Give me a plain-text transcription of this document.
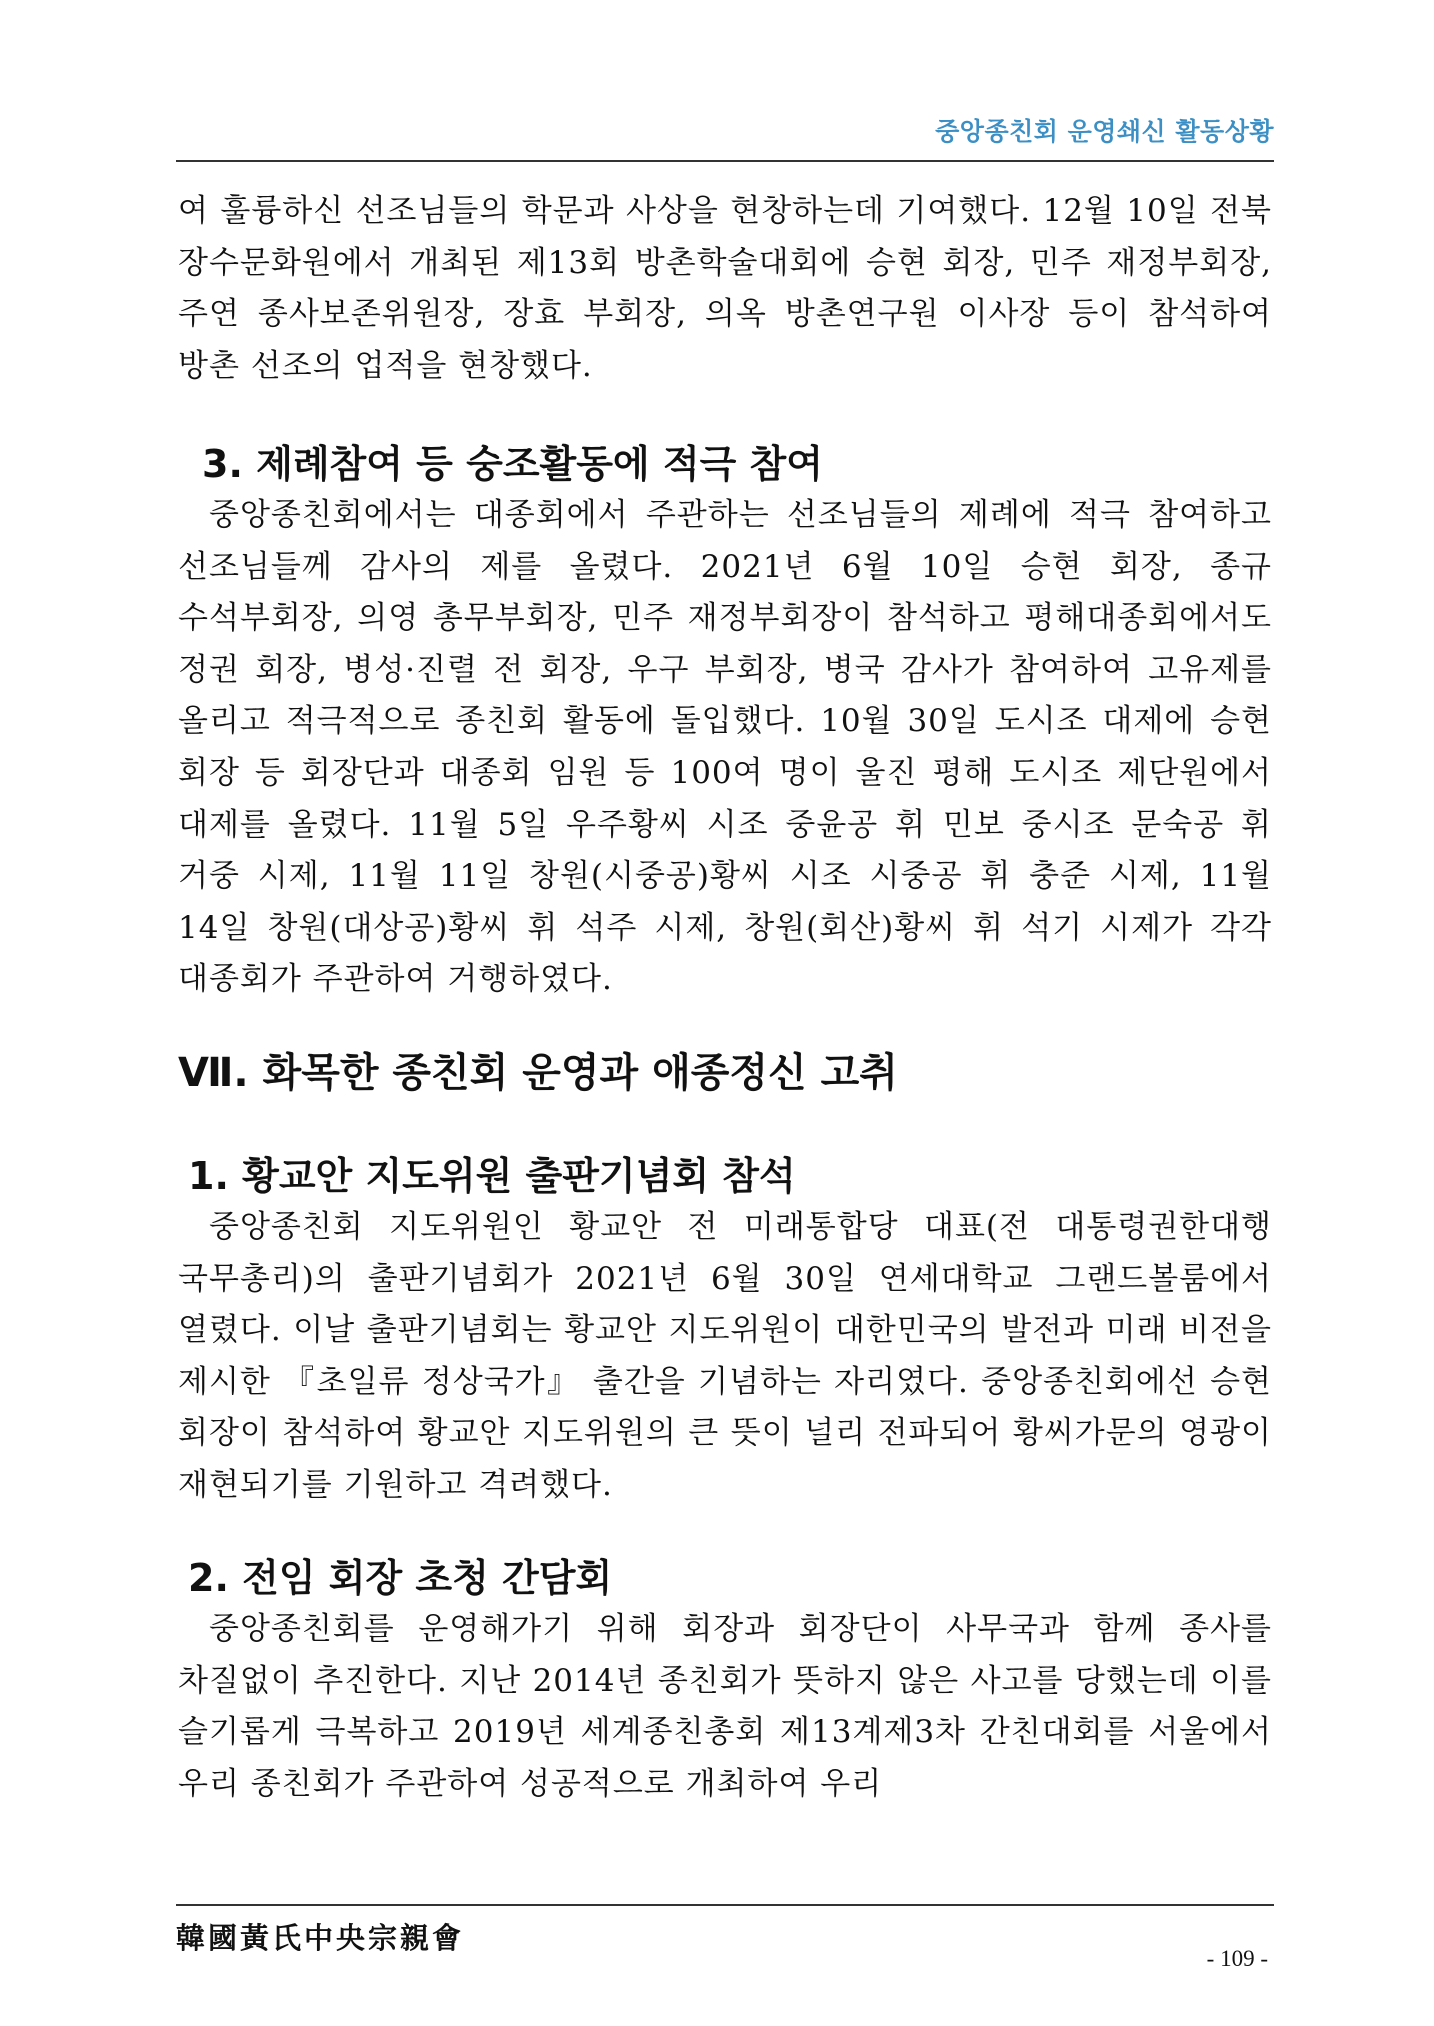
중앙종친회 운영쇄신 활동상황

여 훌륭하신 선조님들의 학문과 사상을 현창하는데 기여했다. 12월 10일 전북 장수문화원에서 개최된 제13회 방촌학술대회에 승현 회장, 민주 재정부회장, 주연 종사보존위원장, 장효 부회장, 의옥 방촌연구원 이사장 등이 참석하여 방촌 선조의 업적을 현창했다.

3. 제례참여 등 숭조활동에 적극 참여

중앙종친회에서는 대종회에서 주관하는 선조님들의 제례에 적극 참여하고 선조님들께 감사의 제를 올렸다. 2021년 6월 10일 승현 회장, 종규 수석부회장, 의영 총무부회장, 민주 재정부회장이 참석하고 평해대종회에서도 정권 회장, 병성·진렬 전 회장, 우구 부회장, 병국 감사가 참여하여 고유제를 올리고 적극적으로 종친회 활동에 돌입했다. 10월 30일 도시조 대제에 승현 회장 등 회장단과 대종회 임원 등 100여 명이 울진 평해 도시조 제단원에서 대제를 올렸다. 11월 5일 우주황씨 시조 중윤공 휘 민보 중시조 문숙공 휘 거중 시제, 11월 11일 창원(시중공)황씨 시조 시중공 휘 충준 시제, 11월 14일 창원(대상공)황씨 휘 석주 시제, 창원(회산)황씨 휘 석기 시제가 각각 대종회가 주관하여 거행하였다.

Ⅶ. 화목한 종친회 운영과 애종정신 고취
1. 황교안 지도위원 출판기념회 참석

중앙종친회 지도위원인 황교안 전 미래통합당 대표(전 대통령권한대행 국무총리)의 출판기념회가 2021년 6월 30일 연세대학교 그랜드볼룸에서 열렸다. 이날 출판기념회는 황교안 지도위원이 대한민국의 발전과 미래 비전을 제시한 『초일류 정상국가』 출간을 기념하는 자리였다. 중앙종친회에선 승현 회장이 참석하여 황교안 지도위원의 큰 뜻이 널리 전파되어 황씨가문의 영광이 재현되기를 기원하고 격려했다.

2. 전임 회장 초청 간담회

중앙종친회를 운영해가기 위해 회장과 회장단이 사무국과 함께 종사를 차질없이 추진한다. 지난 2014년 종친회가 뜻하지 않은 사고를 당했는데 이를 슬기롭게 극복하고 2019년 세계종친총회 제13계제3차 간친대회를 서울에서 우리 종친회가 주관하여 성공적으로 개최하여 우리

韓國黃氏中央宗親會
- 109 -
